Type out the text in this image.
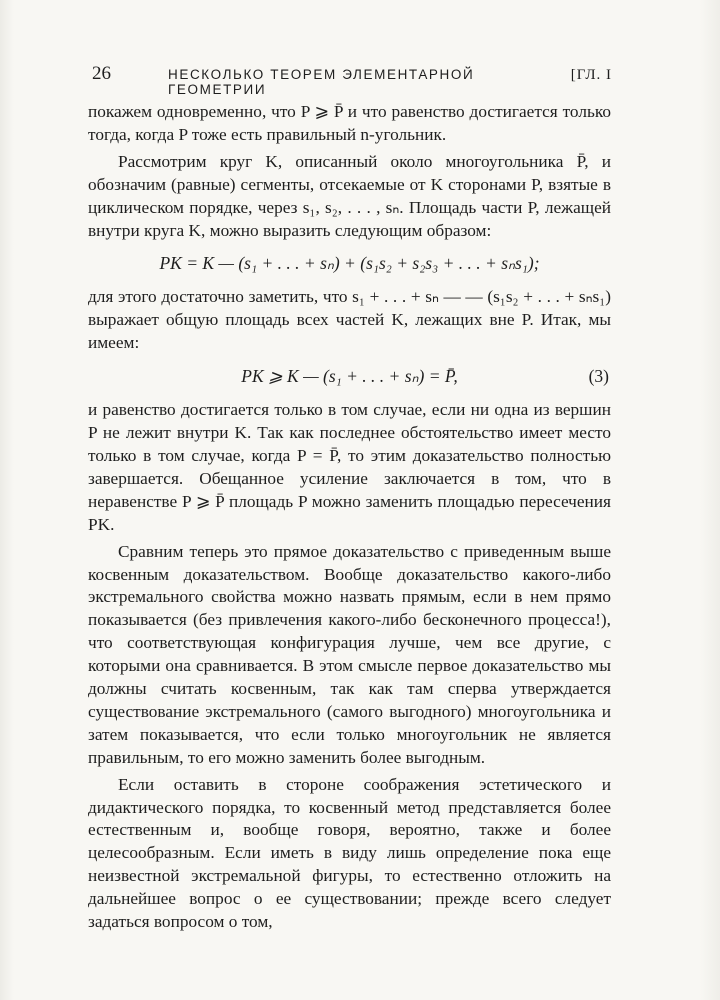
26	НЕСКОЛЬКО ТЕОРЕМ ЭЛЕМЕНТАРНОЙ ГЕОМЕТРИИ
[ГЛ. I

покажем одновременно, что P ⩾ P̄ и что равенство достигается только тогда, когда P тоже есть правильный n-угольник.

Рассмотрим круг K, описанный около многоугольника P̄, и обозначим (равные) сегменты, отсекаемые от K сторонами P, взятые в циклическом порядке, через s₁, s₂, . . . , sₙ. Площадь части P, лежащей внутри круга K, можно выразить следующим образом:

PK = K — (s₁ + . . . + sₙ) + (s₁s₂ + s₂s₃ + . . . + sₙs₁);

для этого достаточно заметить, что s₁ + . . . + sₙ — — (s₁s₂ + . . . + sₙs₁) выражает общую площадь всех частей K, лежащих вне P. Итак, мы имеем:

PK ⩾ K — (s₁ + . . . + sₙ) = P̄,	(3)

и равенство достигается только в том случае, если ни одна из вершин P не лежит внутри K. Так как последнее обстоятельство имеет место только в том случае, когда P = P̄, то этим доказательство полностью завершается. Обещанное усиление заключается в том, что в неравенстве P ⩾ P̄ площадь P можно заменить площадью пересечения PK.

Сравним теперь это прямое доказательство с приведенным выше косвенным доказательством. Вообще доказательство какого-либо экстремального свойства можно назвать прямым, если в нем прямо показывается (без привлечения какого-либо бесконечного процесса!), что соответствующая конфигурация лучше, чем все другие, с которыми она сравнивается. В этом смысле первое доказательство мы должны считать косвенным, так как там сперва утверждается существование экстремального (самого выгодного) многоугольника и затем показывается, что если только многоугольник не является правильным, то его можно заменить более выгодным.

Если оставить в стороне соображения эстетического и дидактического порядка, то косвенный метод представляется более естественным и, вообще говоря, вероятно, также и более целесообразным. Если иметь в виду лишь определение пока еще неизвестной экстремальной фигуры, то естественно отложить на дальнейшее вопрос о ее существовании; прежде всего следует задаться вопросом о том,
